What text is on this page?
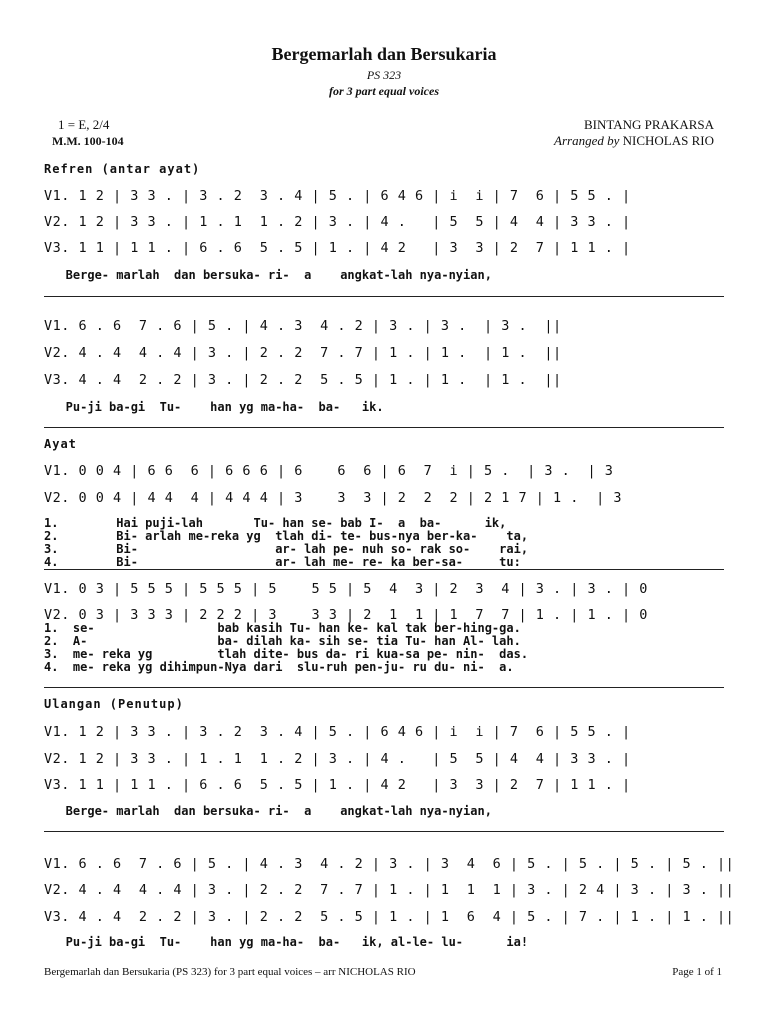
Bergemarlah dan Bersukaria
PS 323
for 3 part equal voices
1 = E, 2/4
M.M. 100-104
BINTANG PRAKARSA
Arranged by NICHOLAS RIO
Refren (antar ayat)
V1. 1 2 | 3 3 . | 3 . 2  3 . 4 | 5 . | 6 4 6 | i  i | 7  6 | 5 5 . |
V2. 1 2 | 3 3 . | 1 . 1  1 . 2 | 3 . | 4 .   | 5  5 | 4  4 | 3 3 . |
V3. 1 1 | 1 1 . | 6 . 6  5 . 5 | 1 . | 4 2   | 3  3 | 2  7 | 1 1 . |
Berge- marlah  dan bersuka- ri-  a    angkat-lah nya-nyian,
V1. 6 . 6  7 . 6 | 5 . | 4 . 3  4 . 2 | 3 . | 3 .  | 3 .  ||
V2. 4 . 4  4 . 4 | 3 . | 2 . 2  7 . 7 | 1 . | 1 .  | 1 .  ||
V3. 4 . 4  2 . 2 | 3 . | 2 . 2  5 . 5 | 1 . | 1 .  | 1 .  ||
Pu-ji ba-gi  Tu-    han yg ma-ha-  ba-   ik.
Ayat
V1. 0 0 4 | 6 6  6 | 6 6 6 | 6    6  6 | 6  7  i | 5 .  | 3 .  | 3
V2. 0 0 4 | 4 4  4 | 4 4 4 | 3    3  3 | 2  2  2 | 2 1 7 | 1 .  | 3
1.        Hai puji-lah       Tu- han se- bab I-  a  ba-      ik,
2.        Bi- arlah me-reka yg  tlah di- te- bus-nya ber-ka-    ta,
3.        Bi-                   ar- lah pe- nuh so- rak so-    rai,
4.        Bi-                   ar- lah me- re- ka ber-sa-     tu:
V1. 0 3 | 5 5 5 | 5 5 5 | 5    5 5 | 5  4  3 | 2  3  4 | 3 . | 3 . | 0
V2. 0 3 | 3 3 3 | 2 2 2 | 3    3 3 | 2  1  1 | 1  7  7 | 1 . | 1 . | 0
1.  se-                 bab kasih Tu- han ke- kal tak ber-hing-ga.
2.  A-                  ba- dilah ka- sih se- tia Tu- han Al- lah.
3.  me- reka yg         tlah dite- bus da- ri kua-sa pe- nin-  das.
4.  me- reka yg dihimpun-Nya dari  slu-ruh pen-ju- ru du- ni-  a.
Ulangan (Penutup)
V1. 1 2 | 3 3 . | 3 . 2  3 . 4 | 5 . | 6 4 6 | i  i | 7  6 | 5 5 . |
V2. 1 2 | 3 3 . | 1 . 1  1 . 2 | 3 . | 4 .   | 5  5 | 4  4 | 3 3 . |
V3. 1 1 | 1 1 . | 6 . 6  5 . 5 | 1 . | 4 2   | 3  3 | 2  7 | 1 1 . |
Berge- marlah  dan bersuka- ri-  a    angkat-lah nya-nyian,
V1. 6 . 6  7 . 6 | 5 . | 4 . 3  4 . 2 | 3 . | 3  4  6 | 5 . | 5 . | 5 . | 5 . ||
V2. 4 . 4  4 . 4 | 3 . | 2 . 2  7 . 7 | 1 . | 1  1  1 | 3 . | 2 4 | 3 . | 3 . ||
V3. 4 . 4  2 . 2 | 3 . | 2 . 2  5 . 5 | 1 . | 1  6  4 | 5 . | 7 . | 1 . | 1 . ||
Pu-ji ba-gi  Tu-    han yg ma-ha-  ba-   ik, al-le- lu-      ia!
Bergemarlah dan Bersukaria (PS 323) for 3 part equal voices – arr NICHOLAS RIO	Page 1 of 1
